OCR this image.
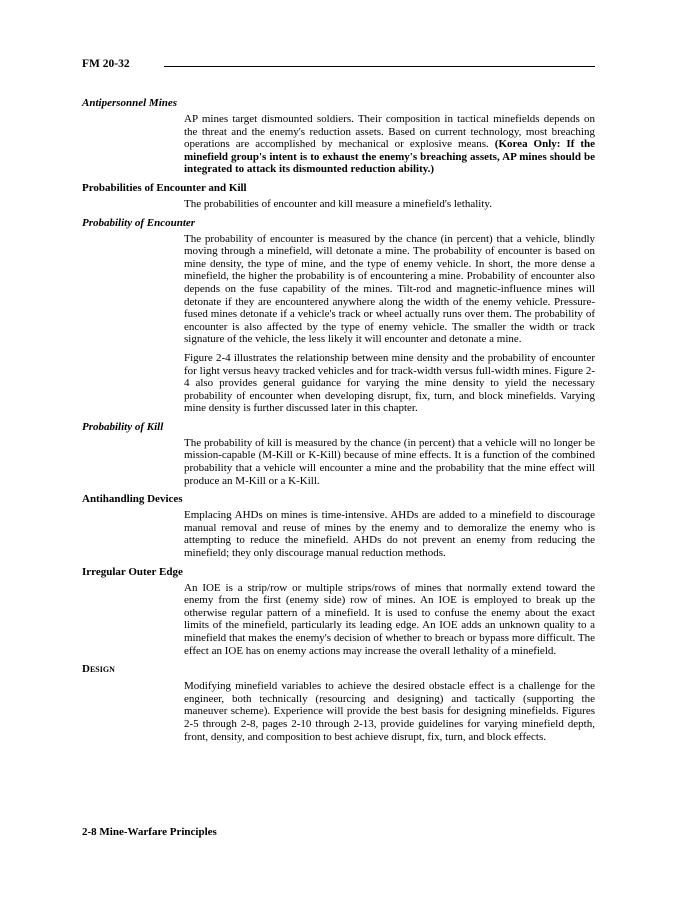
FM 20-32
Antipersonnel Mines

AP mines target dismounted soldiers. Their composition in tactical minefields depends on the threat and the enemy's reduction assets. Based on current technology, most breaching operations are accomplished by mechanical or explosive means. (Korea Only: If the minefield group's intent is to exhaust the enemy's breaching assets, AP mines should be integrated to attack its dismounted reduction ability.)

Probabilities of Encounter and Kill

The probabilities of encounter and kill measure a minefield's lethality.

Probability of Encounter

The probability of encounter is measured by the chance (in percent) that a vehicle, blindly moving through a minefield, will detonate a mine. The probability of encounter is based on mine density, the type of mine, and the type of enemy vehicle. In short, the more dense a minefield, the higher the probability is of encountering a mine. Probability of encounter also depends on the fuse capability of the mines. Tilt-rod and magnetic-influence mines will detonate if they are encountered anywhere along the width of the enemy vehicle. Pressure-fused mines detonate if a vehicle's track or wheel actually runs over them. The probability of encounter is also affected by the type of enemy vehicle. The smaller the width or track signature of the vehicle, the less likely it will encounter and detonate a mine.

Figure 2-4 illustrates the relationship between mine density and the probability of encounter for light versus heavy tracked vehicles and for track-width versus full-width mines. Figure 2-4 also provides general guidance for varying the mine density to yield the necessary probability of encounter when developing disrupt, fix, turn, and block minefields. Varying mine density is further discussed later in this chapter.

Probability of Kill

The probability of kill is measured by the chance (in percent) that a vehicle will no longer be mission-capable (M-Kill or K-Kill) because of mine effects. It is a function of the combined probability that a vehicle will encounter a mine and the probability that the mine effect will produce an M-Kill or a K-Kill.

Antihandling Devices

Emplacing AHDs on mines is time-intensive. AHDs are added to a minefield to discourage manual removal and reuse of mines by the enemy and to demoralize the enemy who is attempting to reduce the minefield. AHDs do not prevent an enemy from reducing the minefield; they only discourage manual reduction methods.

Irregular Outer Edge

An IOE is a strip/row or multiple strips/rows of mines that normally extend toward the enemy from the first (enemy side) row of mines. An IOE is employed to break up the otherwise regular pattern of a minefield. It is used to confuse the enemy about the exact limits of the minefield, particularly its leading edge. An IOE adds an unknown quality to a minefield that makes the enemy's decision of whether to breach or bypass more difficult. The effect an IOE has on enemy actions may increase the overall lethality of a minefield.

Design

Modifying minefield variables to achieve the desired obstacle effect is a challenge for the engineer, both technically (resourcing and designing) and tactically (supporting the maneuver scheme). Experience will provide the best basis for designing minefields. Figures 2-5 through 2-8, pages 2-10 through 2-13, provide guidelines for varying minefield depth, front, density, and composition to best achieve disrupt, fix, turn, and block effects.

2-8 Mine-Warfare Principles
